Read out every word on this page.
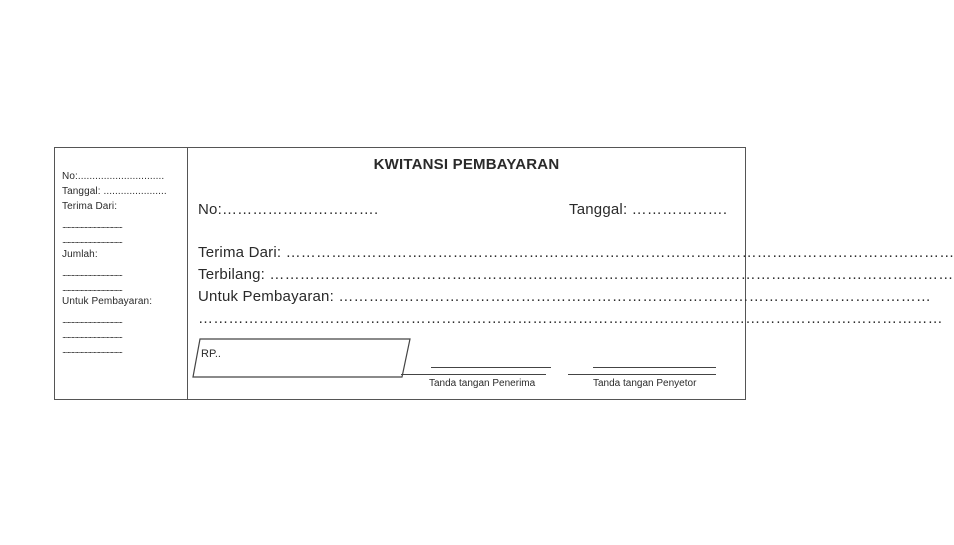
No:..............................
Tanggal: ......................
Terima Dari:
..............................................
..............................................
Jumlah:
..............................................
..............................................
Untuk Pembayaran:
..............................................
..............................................
..............................................
KWITANSI PEMBAYARAN
No:………………………….	Tanggal: ……………….
Terima Dari: ……………………………………………………………………………………………………………………
Terbilang: ………………………………………………………………………………………………………………………
Untuk Pembayaran: ………………………………………………………………………………………………………
…………………………………………………………………………………………………………………………………
RP..
Tanda tangan Penerima	Tanda tangan Penyetor
